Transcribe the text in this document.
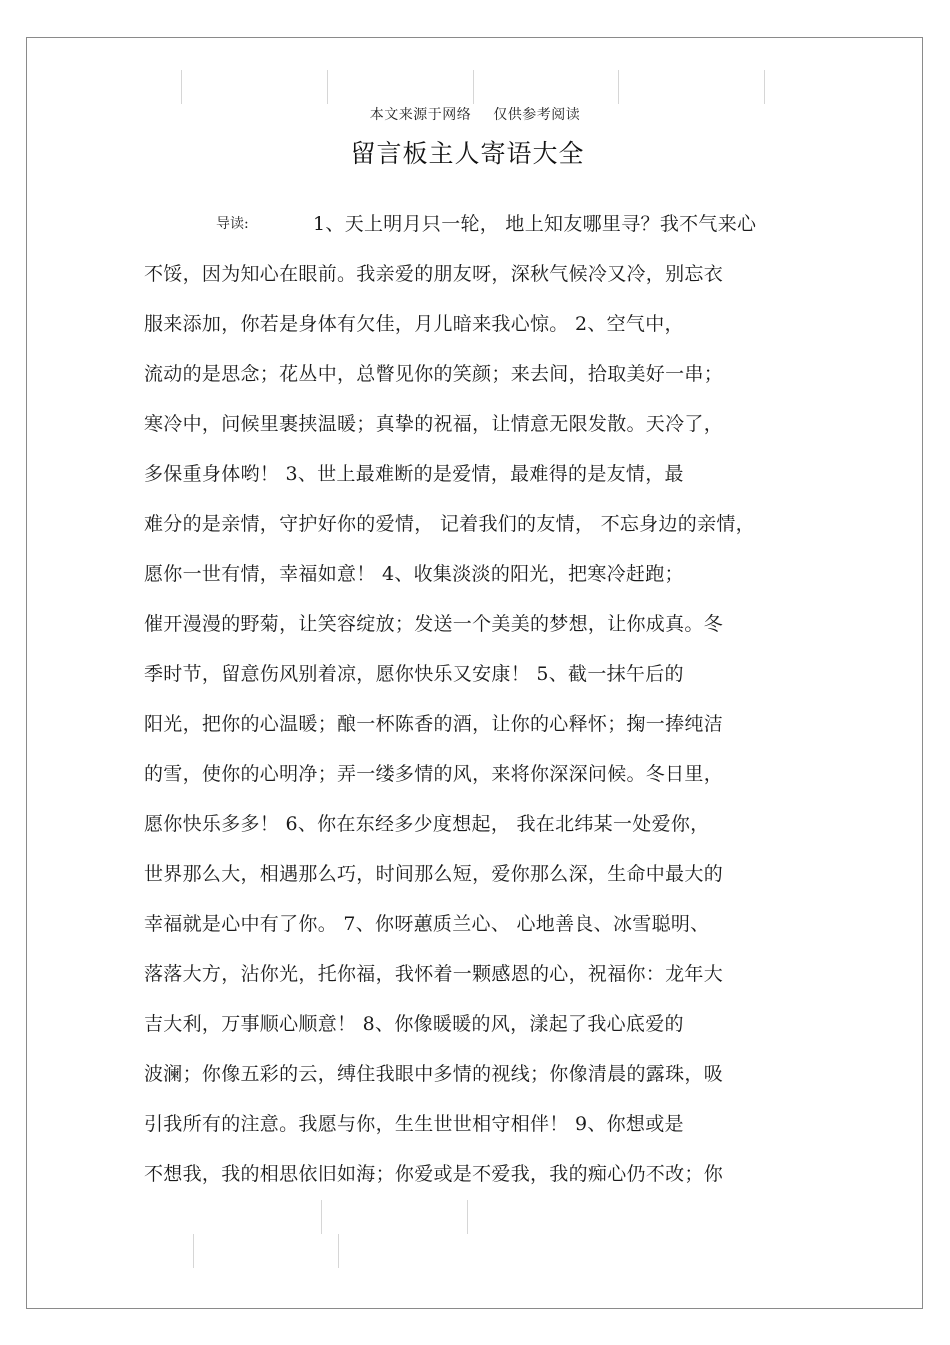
本文来源于网络 仅供参考阅读
留言板主人寄语大全
导读:	1、天上明月只一轮， 地上知友哪里寻？我不气来心
不馁，因为知心在眼前。我亲爱的朋友呀，深秋气候冷又冷，别忘衣
服来添加，你若是身体有欠佳，月儿暗来我心惊。 2、空气中，
流动的是思念；花丛中，总瞥见你的笑颜；来去间，拾取美好一串；
寒冷中，问候里裹挟温暖；真挚的祝福，让情意无限发散。天冷了，
多保重身体哟！ 3、世上最难断的是爱情，最难得的是友情，最
难分的是亲情，守护好你的爱情， 记着我们的友情， 不忘身边的亲情，
愿你一世有情，幸福如意！ 4、收集淡淡的阳光，把寒冷赶跑；
催开漫漫的野菊，让笑容绽放；发送一个美美的梦想，让你成真。冬
季时节，留意伤风别着凉，愿你快乐又安康！ 5、截一抹午后的
阳光，把你的心温暖；酿一杯陈香的酒，让你的心释怀；掬一捧纯洁
的雪，使你的心明净；弄一缕多情的风，来将你深深问候。冬日里，
愿你快乐多多！ 6、你在东经多少度想起， 我在北纬某一处爱你，
世界那么大，相遇那么巧，时间那么短，爱你那么深，生命中最大的
幸福就是心中有了你。 7、你呀蕙质兰心、 心地善良、冰雪聪明、
落落大方，沾你光，托你福，我怀着一颗感恩的心，祝福你：龙年大
吉大利，万事顺心顺意！ 8、你像暖暖的风，漾起了我心底爱的
波澜；你像五彩的云，缚住我眼中多情的视线；你像清晨的露珠，吸
引我所有的注意。我愿与你，生生世世相守相伴！ 9、你想或是
不想我，我的相思依旧如海；你爱或是不爱我，我的痴心仍不改；你
